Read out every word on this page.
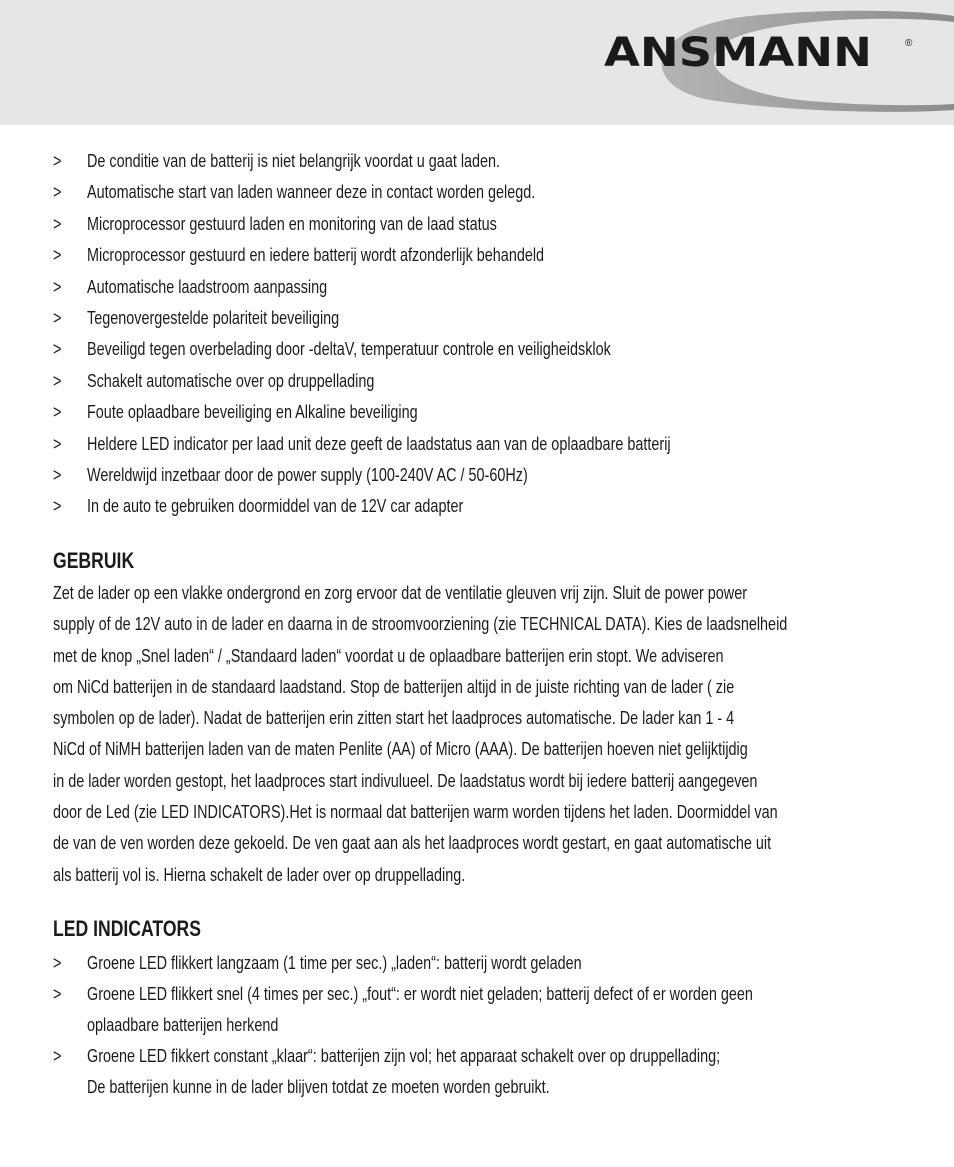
ANSMANN	®
> De conditie van de batterij is niet belangrijk voordat u gaat laden.
> Automatische start van laden wanneer deze in contact worden gelegd.
> Microprocessor gestuurd laden en monitoring van de laad status
> Microprocessor gestuurd en iedere batterij wordt afzonderlijk behandeld
> Automatische laadstroom aanpassing
> Tegenovergestelde polariteit beveiliging
> Beveiligd tegen overbelading door -deltaV, temperatuur controle en veiligheidsklok
> Schakelt automatische over op druppellading
> Foute oplaadbare beveiliging en Alkaline beveiliging
> Heldere LED indicator per laad unit deze geeft de laadstatus aan van de oplaadbare batterij
> Wereldwijd inzetbaar door de power supply (100-240V AC / 50-60Hz)
> In de auto te gebruiken doormiddel van de 12V car adapter
GEBRUIK
Zet de lader op een vlakke ondergrond en zorg ervoor dat de ventilatie gleuven vrij zijn. Sluit de power power
supply of de 12V auto in de lader en daarna in de stroomvoorziening (zie TECHNICAL DATA). Kies de laadsnelheid
met de knop „Snel laden“ / „Standaard laden“ voordat u de oplaadbare batterijen erin stopt. We adviseren
om NiCd batterijen in de standaard laadstand. Stop de batterijen altijd in de juiste richting van de lader ( zie
symbolen op de lader). Nadat de batterijen erin zitten start het laadproces automatische. De lader kan 1 - 4
NiCd of NiMH batterijen laden van de maten Penlite (AA) of Micro (AAA). De batterijen hoeven niet gelijktijdig
in de lader worden gestopt, het laadproces start indivulueel. De laadstatus wordt bij iedere batterij aangegeven
door de Led (zie LED INDICATORS).Het is normaal dat batterijen warm worden tijdens het laden. Doormiddel van
de van de ven worden deze gekoeld. De ven gaat aan als het laadproces wordt gestart, en gaat automatische uit
als batterij vol is. Hierna schakelt de lader over op druppellading.
LED INDICATORS
> Groene LED flikkert langzaam (1 time per sec.) „laden“: batterij wordt geladen
> Groene LED flikkert snel (4 times per sec.) „fout“: er wordt niet geladen; batterij defect of er worden geen
oplaadbare batterijen herkend
> Groene LED fikkert constant „klaar“: batterijen zijn vol; het apparaat schakelt over op druppellading;
De batterijen kunne in de lader blijven totdat ze moeten worden gebruikt.
